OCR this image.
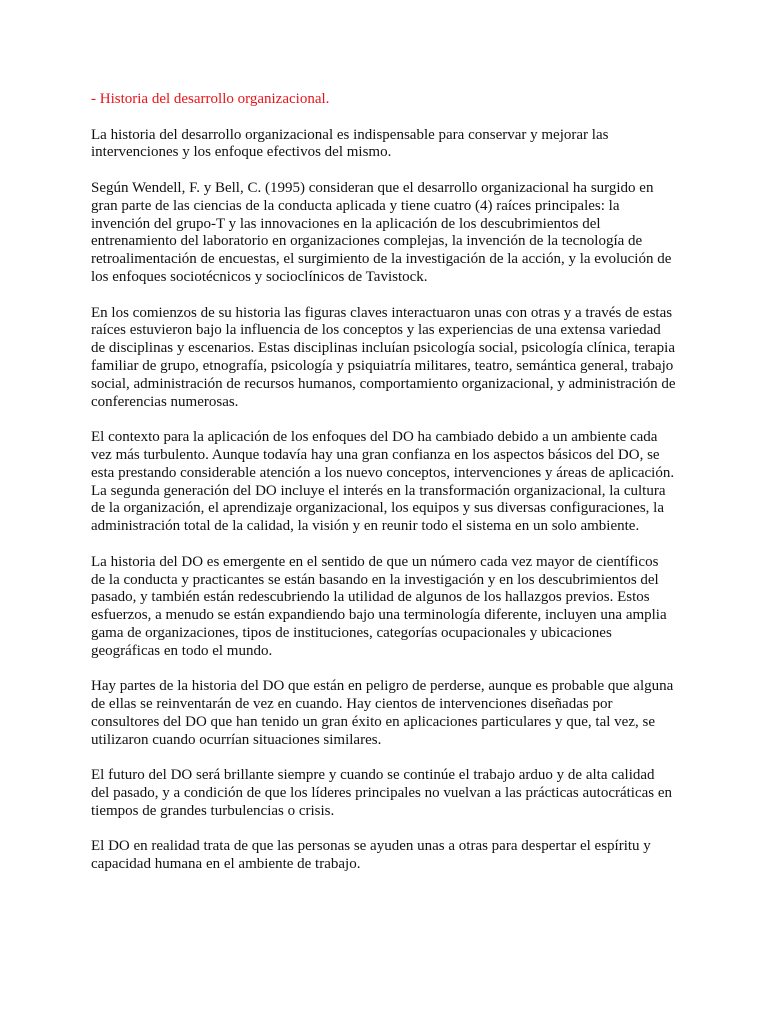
- Historia del desarrollo organizacional.

La historia del desarrollo organizacional es indispensable para conservar y mejorar las
intervenciones y los enfoque efectivos del mismo.

Según Wendell, F. y Bell, C. (1995) consideran que el desarrollo organizacional ha surgido en
gran parte de las ciencias de la conducta aplicada y tiene cuatro (4) raíces principales: la
invención del grupo-T y las innovaciones en la aplicación de los descubrimientos del
entrenamiento del laboratorio en organizaciones complejas, la invención de la tecnología de
retroalimentación de encuestas, el surgimiento de la investigación de la acción, y la evolución de
los enfoques sociotécnicos y socioclínicos de Tavistock.

En los comienzos de su historia las figuras claves interactuaron unas con otras y a través de estas
raíces estuvieron bajo la influencia de los conceptos y las experiencias de una extensa variedad
de disciplinas y escenarios. Estas disciplinas incluían psicología social, psicología clínica, terapia
familiar de grupo, etnografía, psicología y psiquiatría militares, teatro, semántica general, trabajo
social, administración de recursos humanos, comportamiento organizacional, y administración de
conferencias numerosas.

El contexto para la aplicación de los enfoques del DO ha cambiado debido a un ambiente cada
vez más turbulento. Aunque todavía hay una gran confianza en los aspectos básicos del DO, se
esta prestando considerable atención a los nuevo conceptos, intervenciones y áreas de aplicación.
La segunda generación del DO incluye el interés en la transformación organizacional, la cultura
de la organización, el aprendizaje organizacional, los equipos y sus diversas configuraciones, la
administración total de la calidad, la visión y en reunir todo el sistema en un solo ambiente.

La historia del DO es emergente en el sentido de que un número cada vez mayor de científicos
de la conducta y practicantes se están basando en la investigación y en los descubrimientos del
pasado, y también están redescubriendo la utilidad de algunos de los hallazgos previos. Estos
esfuerzos, a menudo se están expandiendo bajo una terminología diferente, incluyen una amplia
gama de organizaciones, tipos de instituciones, categorías ocupacionales y ubicaciones
geográficas en todo el mundo.

Hay partes de la historia del DO que están en peligro de perderse, aunque es probable que alguna
de ellas se reinventarán de vez en cuando. Hay cientos de intervenciones diseñadas por
consultores del DO que han tenido un gran éxito en aplicaciones particulares y que, tal vez, se
utilizaron cuando ocurrían situaciones similares.

El futuro del DO será brillante siempre y cuando se continúe el trabajo arduo y de alta calidad
del pasado, y a condición de que los líderes principales no vuelvan a las prácticas autocráticas en
tiempos de grandes turbulencias o crisis.

El DO en realidad trata de que las personas se ayuden unas a otras para despertar el espíritu y
capacidad humana en el ambiente de trabajo.
